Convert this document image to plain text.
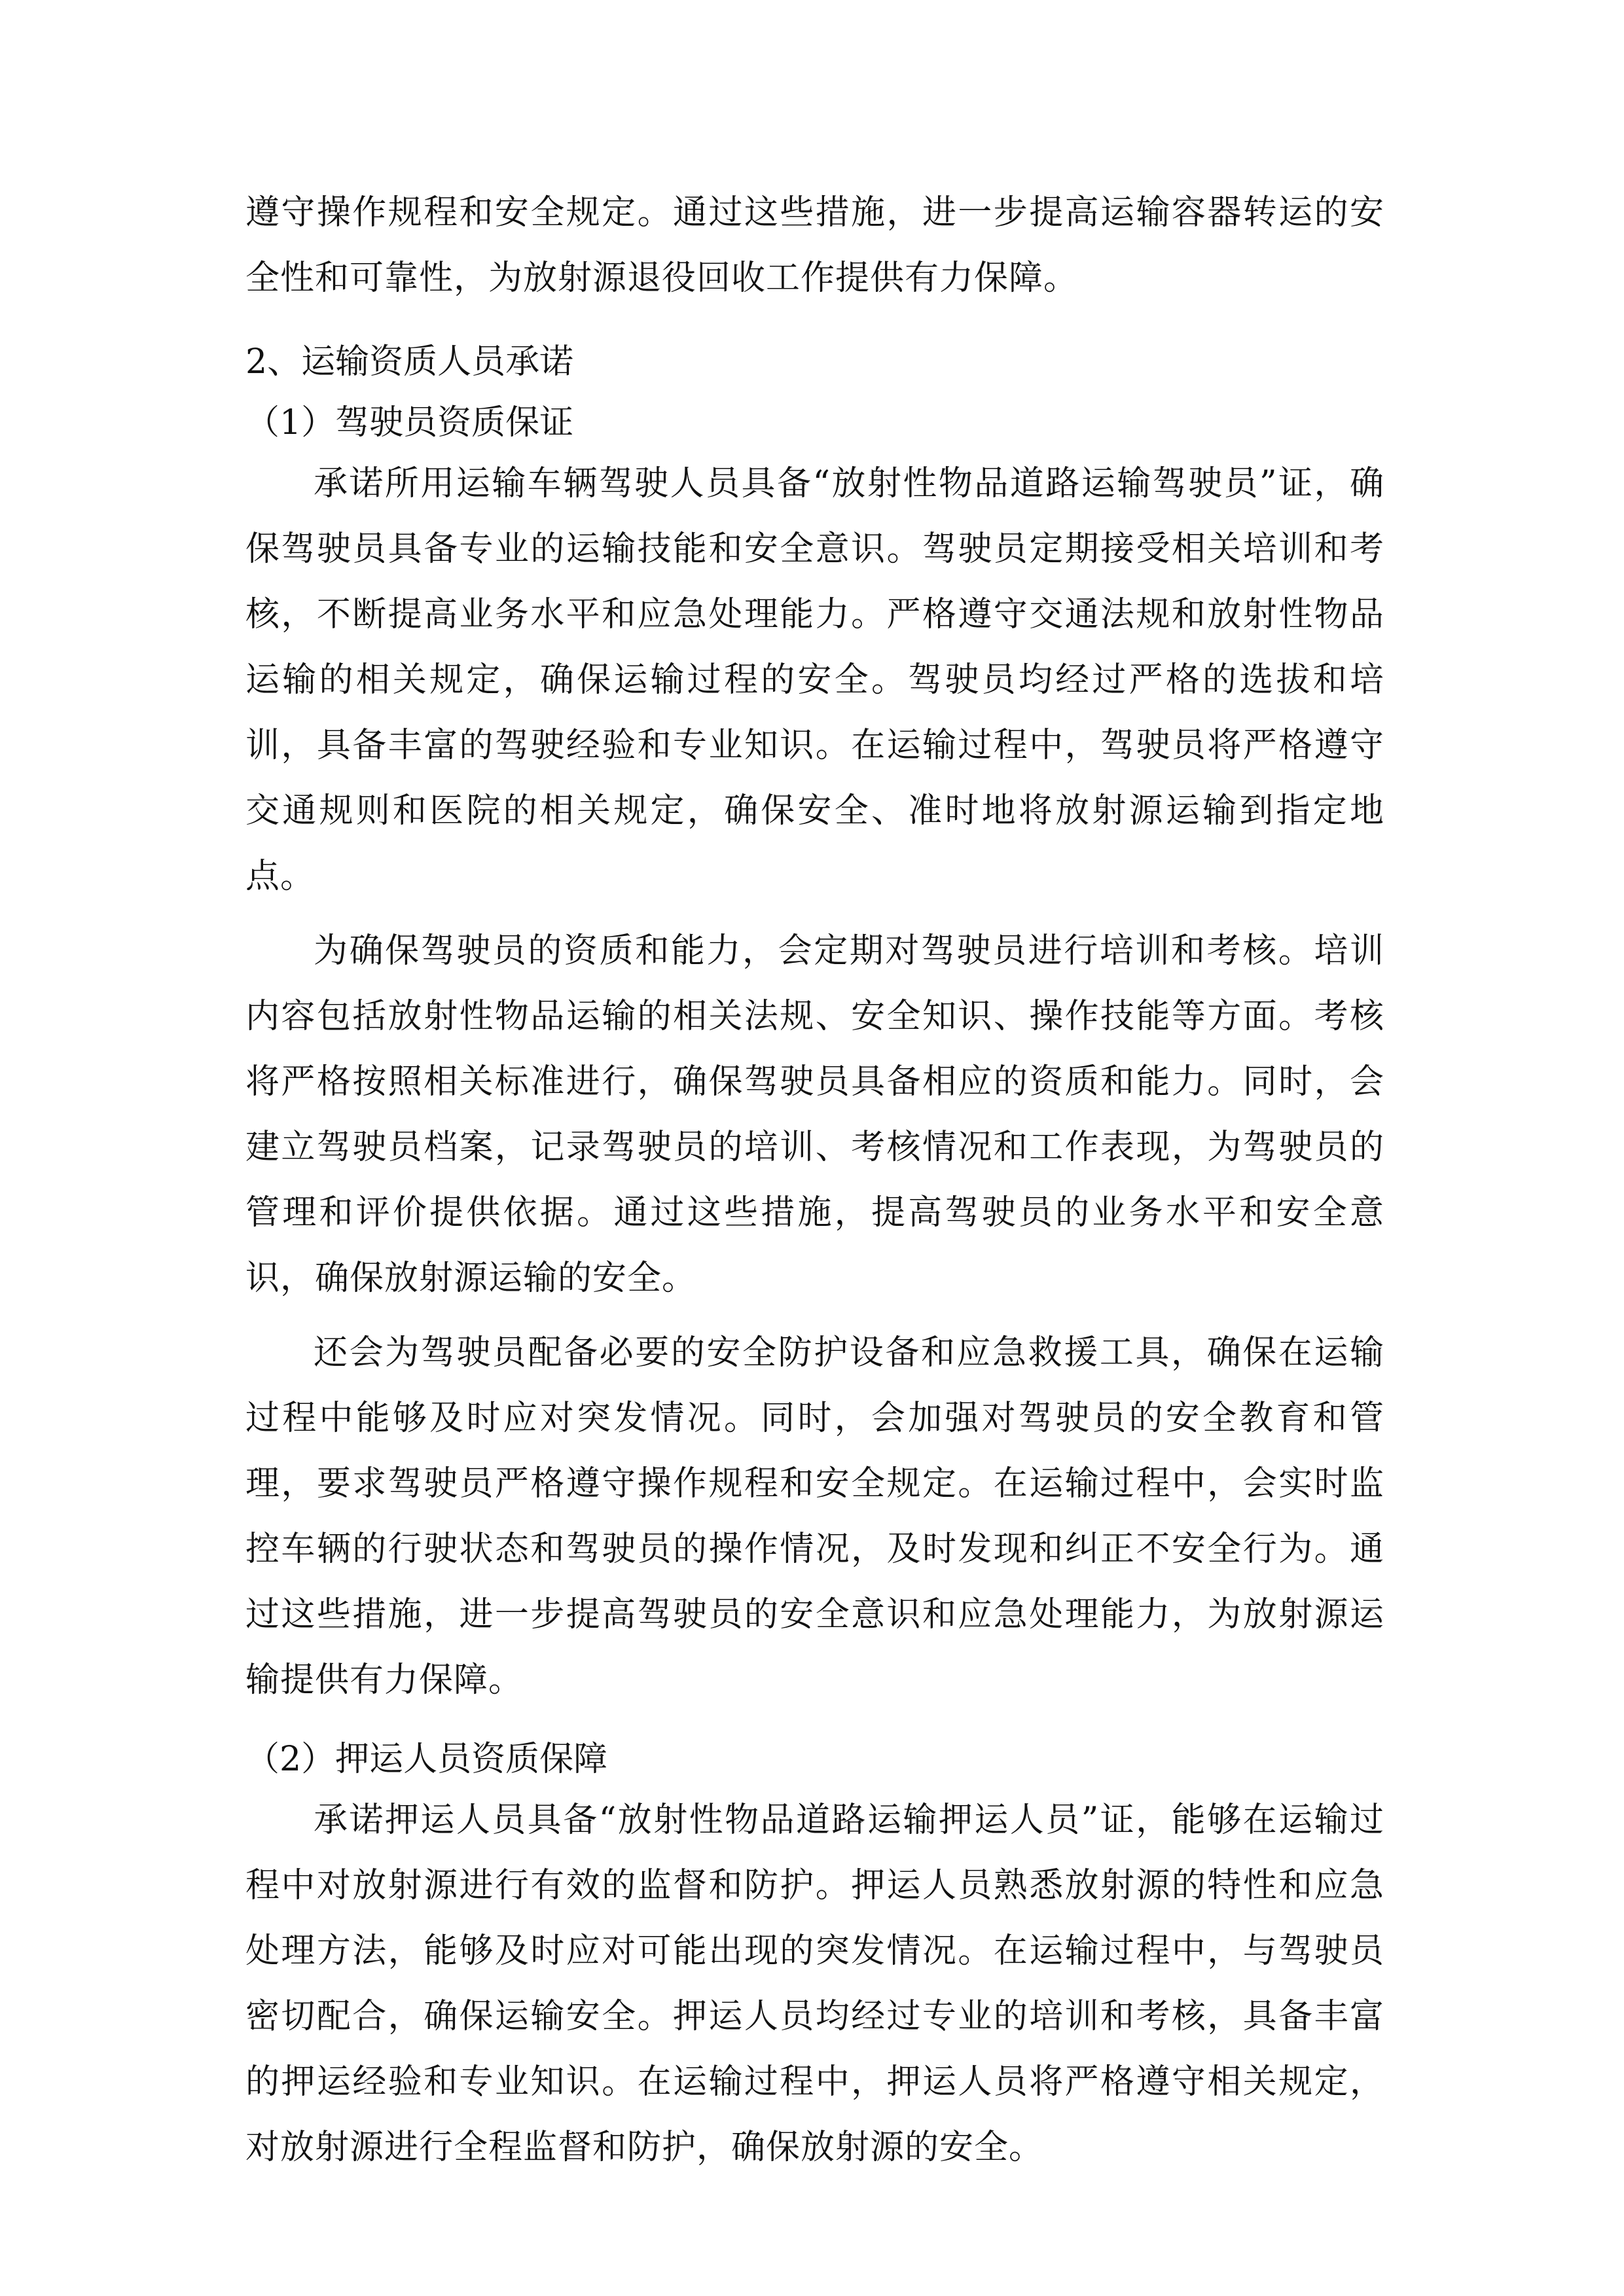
遵守操作规程和安全规定。通过这些措施，进一步提高运输容器转运的安全性和可靠性，为放射源退役回收工作提供有力保障。

2、运输资质人员承诺

（1）驾驶员资质保证

承诺所用运输车辆驾驶人员具备“放射性物品道路运输驾驶员”证，确保驾驶员具备专业的运输技能和安全意识。驾驶员定期接受相关培训和考核，不断提高业务水平和应急处理能力。严格遵守交通法规和放射性物品运输的相关规定，确保运输过程的安全。驾驶员均经过严格的选拔和培训，具备丰富的驾驶经验和专业知识。在运输过程中，驾驶员将严格遵守交通规则和医院的相关规定，确保安全、准时地将放射源运输到指定地点。

为确保驾驶员的资质和能力，会定期对驾驶员进行培训和考核。培训内容包括放射性物品运输的相关法规、安全知识、操作技能等方面。考核将严格按照相关标准进行，确保驾驶员具备相应的资质和能力。同时，会建立驾驶员档案，记录驾驶员的培训、考核情况和工作表现，为驾驶员的管理和评价提供依据。通过这些措施，提高驾驶员的业务水平和安全意识，确保放射源运输的安全。

还会为驾驶员配备必要的安全防护设备和应急救援工具，确保在运输过程中能够及时应对突发情况。同时，会加强对驾驶员的安全教育和管理，要求驾驶员严格遵守操作规程和安全规定。在运输过程中，会实时监控车辆的行驶状态和驾驶员的操作情况，及时发现和纠正不安全行为。通过这些措施，进一步提高驾驶员的安全意识和应急处理能力，为放射源运输提供有力保障。

（2）押运人员资质保障

承诺押运人员具备“放射性物品道路运输押运人员”证，能够在运输过程中对放射源进行有效的监督和防护。押运人员熟悉放射源的特性和应急处理方法，能够及时应对可能出现的突发情况。在运输过程中，与驾驶员密切配合，确保运输安全。押运人员均经过专业的培训和考核，具备丰富的押运经验和专业知识。在运输过程中，押运人员将严格遵守相关规定，对放射源进行全程监督和防护，确保放射源的安全。
